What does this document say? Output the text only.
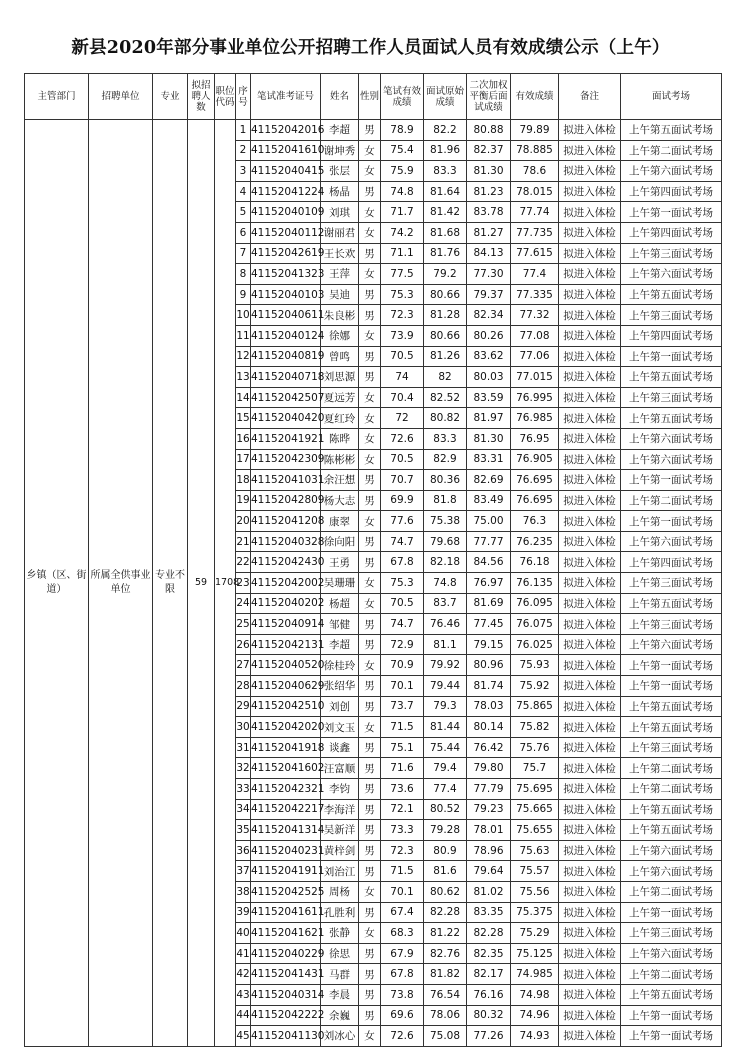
新县2020年部分事业单位公开招聘工作人员面试人员有效成绩公示（上午）
主管部门	招聘单位	专业	拟招聘人数	职位代码	序号	笔试准考证号	姓名	性别	笔试有效成绩	面试原始成绩	二次加权平衡后面试成绩	有效成绩	备注	面试考场
乡镇（区、街道）	所属全供事业单位	专业不限	59	1708	1	41152042016	李超	男	78.9	82.2	80.88	79.89	拟进入体检	上午第五面试考场
					2	41152041610	谢坤秀	女	75.4	81.96	82.37	78.885	拟进入体检	上午第二面试考场
					3	41152040415	张层	女	75.9	83.3	81.30	78.6	拟进入体检	上午第六面试考场
					4	41152041224	杨晶	男	74.8	81.64	81.23	78.015	拟进入体检	上午第四面试考场
					5	41152040109	刘琪	女	71.7	81.42	83.78	77.74	拟进入体检	上午第一面试考场
					6	41152040112	谢丽君	女	74.2	81.68	81.27	77.735	拟进入体检	上午第四面试考场
					7	41152042619	王长欢	男	71.1	81.76	84.13	77.615	拟进入体检	上午第三面试考场
					8	41152041323	王萍	女	77.5	79.2	77.30	77.4	拟进入体检	上午第六面试考场
					9	41152040103	吴迪	男	75.3	80.66	79.37	77.335	拟进入体检	上午第五面试考场
					10	41152040611	朱良彬	男	72.3	81.28	82.34	77.32	拟进入体检	上午第三面试考场
					11	41152040124	徐娜	女	73.9	80.66	80.26	77.08	拟进入体检	上午第四面试考场
					12	41152040819	曾鸣	男	70.5	81.26	83.62	77.06	拟进入体检	上午第一面试考场
					13	41152040718	刘思源	男	74	82	80.03	77.015	拟进入体检	上午第五面试考场
					14	41152042507	夏远芳	女	70.4	82.52	83.59	76.995	拟进入体检	上午第三面试考场
					15	41152040420	夏红玲	女	72	80.82	81.97	76.985	拟进入体检	上午第五面试考场
					16	41152041921	陈晔	女	72.6	83.3	81.30	76.95	拟进入体检	上午第六面试考场
					17	41152042309	陈彬彬	女	70.5	82.9	83.31	76.905	拟进入体检	上午第六面试考场
					18	41152041031	余汪想	男	70.7	80.36	82.69	76.695	拟进入体检	上午第一面试考场
					19	41152042809	杨大志	男	69.9	81.8	83.49	76.695	拟进入体检	上午第二面试考场
					20	41152041208	康翠	女	77.6	75.38	75.00	76.3	拟进入体检	上午第一面试考场
					21	41152040328	徐向阳	男	74.7	79.68	77.77	76.235	拟进入体检	上午第六面试考场
					22	41152042430	王勇	男	67.8	82.18	84.56	76.18	拟进入体检	上午第四面试考场
					23	41152042002	吴珊珊	女	75.3	74.8	76.97	76.135	拟进入体检	上午第三面试考场
					24	41152040202	杨超	女	70.5	83.7	81.69	76.095	拟进入体检	上午第五面试考场
					25	41152040914	邹健	男	74.7	76.46	77.45	76.075	拟进入体检	上午第三面试考场
					26	41152042131	李超	男	72.9	81.1	79.15	76.025	拟进入体检	上午第六面试考场
					27	41152040520	徐桂玲	女	70.9	79.92	80.96	75.93	拟进入体检	上午第一面试考场
					28	41152040629	张绍华	男	70.1	79.44	81.74	75.92	拟进入体检	上午第一面试考场
					29	41152042510	刘创	男	73.7	79.3	78.03	75.865	拟进入体检	上午第五面试考场
					30	41152042020	刘文玉	女	71.5	81.44	80.14	75.82	拟进入体检	上午第五面试考场
					31	41152041918	谈鑫	男	75.1	75.44	76.42	75.76	拟进入体检	上午第三面试考场
					32	41152041602	汪富顺	男	71.6	79.4	79.80	75.7	拟进入体检	上午第二面试考场
					33	41152042321	李钧	男	73.6	77.4	77.79	75.695	拟进入体检	上午第二面试考场
					34	41152042217	李海洋	男	72.1	80.52	79.23	75.665	拟进入体检	上午第五面试考场
					35	41152041314	吴新洋	男	73.3	79.28	78.01	75.655	拟进入体检	上午第五面试考场
					36	41152040231	黄梓剑	男	72.3	80.9	78.96	75.63	拟进入体检	上午第六面试考场
					37	41152041911	刘治江	男	71.5	81.6	79.64	75.57	拟进入体检	上午第六面试考场
					38	41152042525	周杨	女	70.1	80.62	81.02	75.56	拟进入体检	上午第二面试考场
					39	41152041611	孔胜利	男	67.4	82.28	83.35	75.375	拟进入体检	上午第一面试考场
					40	41152041621	张静	女	68.3	81.22	82.28	75.29	拟进入体检	上午第三面试考场
					41	41152040229	徐思	男	67.9	82.76	82.35	75.125	拟进入体检	上午第六面试考场
					42	41152041431	马群	男	67.8	81.82	82.17	74.985	拟进入体检	上午第二面试考场
					43	41152040314	李晨	男	73.8	76.54	76.16	74.98	拟进入体检	上午第五面试考场
					44	41152042222	余巍	男	69.6	78.06	80.32	74.96	拟进入体检	上午第一面试考场
					45	41152041130	刘冰心	女	72.6	75.08	77.26	74.93	拟进入体检	上午第一面试考场
